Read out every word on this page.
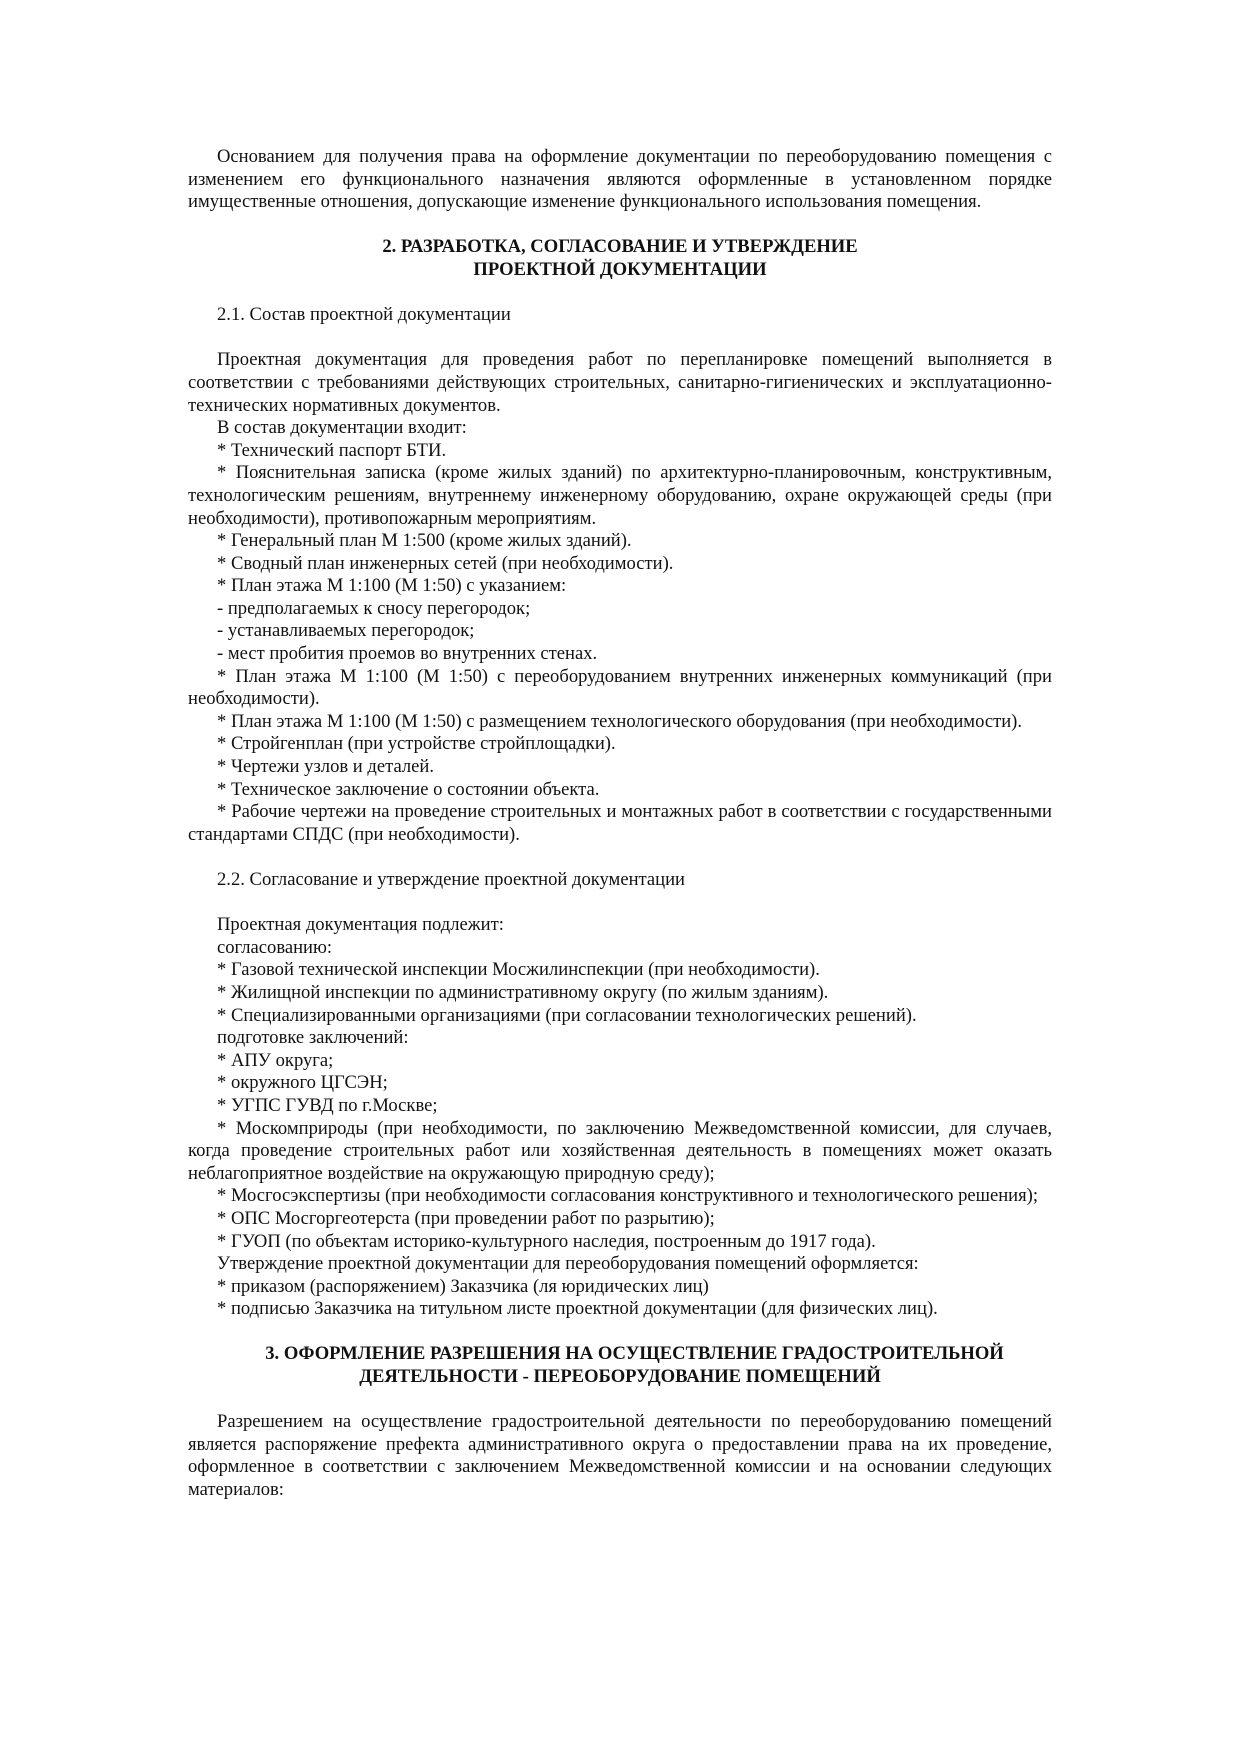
Основанием для получения права на оформление документации по переоборудованию помещения с изменением его функционального назначения являются оформленные в установленном порядке имущественные отношения, допускающие изменение функционального использования помещения.
2. РАЗРАБОТКА, СОГЛАСОВАНИЕ И УТВЕРЖДЕНИЕ
ПРОЕКТНОЙ ДОКУМЕНТАЦИИ
2.1. Состав проектной документации
Проектная документация для проведения работ по перепланировке помещений выполняется в соответствии с требованиями действующих строительных, санитарно-гигиенических и эксплуатационно-технических нормативных документов.
В состав документации входит:
* Технический паспорт БТИ.
* Пояснительная записка (кроме жилых зданий) по архитектурно-планировочным, конструктивным, технологическим решениям, внутреннему инженерному оборудованию, охране окружающей среды (при необходимости), противопожарным мероприятиям.
* Генеральный план М 1:500 (кроме жилых зданий).
* Сводный план инженерных сетей (при необходимости).
* План этажа М 1:100 (М 1:50) с указанием:
- предполагаемых к сносу перегородок;
- устанавливаемых перегородок;
- мест пробития проемов во внутренних стенах.
* План этажа М 1:100 (М 1:50) с переоборудованием внутренних инженерных коммуникаций (при необходимости).
* План этажа М 1:100 (М 1:50) с размещением технологического оборудования (при необходимости).
* Стройгенплан (при устройстве стройплощадки).
* Чертежи узлов и деталей.
* Техническое заключение о состоянии объекта.
* Рабочие чертежи на проведение строительных и монтажных работ в соответствии с государственными стандартами СПДС (при необходимости).
2.2. Согласование и утверждение проектной документации
Проектная документация подлежит:
согласованию:
* Газовой технической инспекции Мосжилинспекции (при необходимости).
* Жилищной инспекции по административному округу (по жилым зданиям).
* Специализированными организациями (при согласовании технологических решений).
подготовке заключений:
* АПУ округа;
* окружного ЦГСЭН;
* УГПС ГУВД по г.Москве;
* Москомприроды (при необходимости, по заключению Межведомственной комиссии, для случаев, когда проведение строительных работ или хозяйственная деятельность в помещениях может оказать неблагоприятное воздействие на окружающую природную среду);
* Мосгосэкспертизы (при необходимости согласования конструктивного и технологического решения);
* ОПС Мосгоргеотерста (при проведении работ по разрытию);
* ГУОП (по объектам историко-культурного наследия, построенным до 1917 года).
Утверждение проектной документации для переоборудования помещений оформляется:
* приказом (распоряжением) Заказчика (ля юридических лиц)
* подписью Заказчика на титульном листе проектной документации (для физических лиц).
3. ОФОРМЛЕНИЕ РАЗРЕШЕНИЯ НА ОСУЩЕСТВЛЕНИЕ ГРАДОСТРОИТЕЛЬНОЙ ДЕЯТЕЛЬНОСТИ - ПЕРЕОБОРУДОВАНИЕ ПОМЕЩЕНИЙ
Разрешением на осуществление градостроительной деятельности по переоборудованию помещений является распоряжение префекта административного округа о предоставлении права на их проведение, оформленное в соответствии с заключением Межведомственной комиссии и на основании следующих материалов:
